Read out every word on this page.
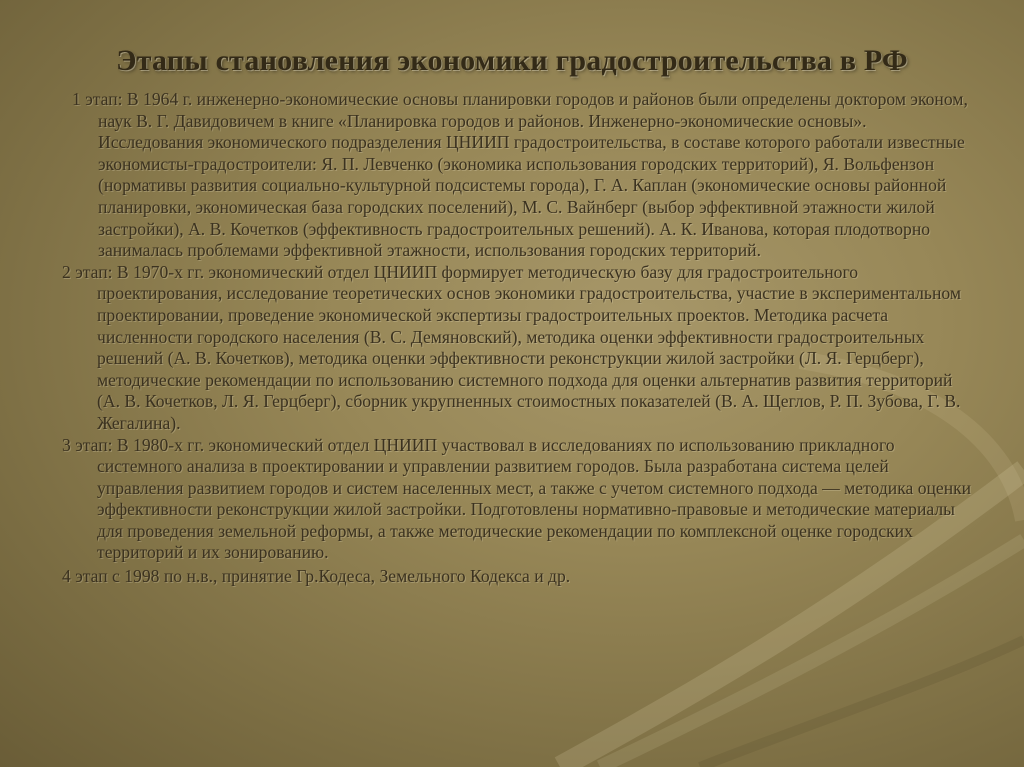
Этапы становления экономики градостроительства в РФ

1 этап: В 1964 г. инженерно-экономические основы планировки городов и районов были определены доктором эконом, наук В. Г. Давидовичем в книге «Планировка городов и районов. Инженерно-экономические основы». Исследования экономического подразделения ЦНИИП градостроительства, в составе которого работали известные экономисты-градостроители: Я. П. Левченко (экономика использования городских территорий), Я. Вольфензон (нормативы развития социально-культурной подсистемы города), Г. А. Каплан (экономические основы районной планировки, экономическая база городских поселений), М. С. Вайнберг (выбор эффективной этажности жилой застройки), А. В. Кочетков (эффективность градостроительных решений). А. К. Иванова, которая плодотворно занималась проблемами эффективной этажности, использования городских территорий.

2 этап: В 1970-х гг. экономический отдел ЦНИИП формирует методическую базу для градостроительного проектирования, исследование теоретических основ экономики градостроительства, участие в экспериментальном проектировании, проведение экономической экспертизы градостроительных проектов. Методика расчета численности городского населения (В. С. Демяновский), методика оценки эффективности градостроительных решений (А. В. Кочетков), методика оценки эффективности реконструкции жилой застройки (Л. Я. Герцберг), методические рекомендации по использованию системного подхода для оценки альтернатив развития территорий (А. В. Кочетков, Л. Я. Герцберг), сборник укрупненных стоимостных показателей (В. А. Щеглов, Р. П. Зубова, Г. В. Жегалина).

3 этап: В 1980-х гг. экономический отдел ЦНИИП участвовал в исследованиях по использованию прикладного системного анализа в проектировании и управлении развитием городов. Была разработана система целей управления развитием городов и систем населенных мест, а также с учетом системного подхода — методика оценки эффективности реконструкции жилой застройки. Подготовлены нормативно-правовые и методические материалы для проведения земельной реформы, а также методические рекомендации по комплексной оценке городских территорий и их зонированию.

4 этап с 1998 по н.в., принятие Гр.Кодеса, Земельного Кодекса и др.
